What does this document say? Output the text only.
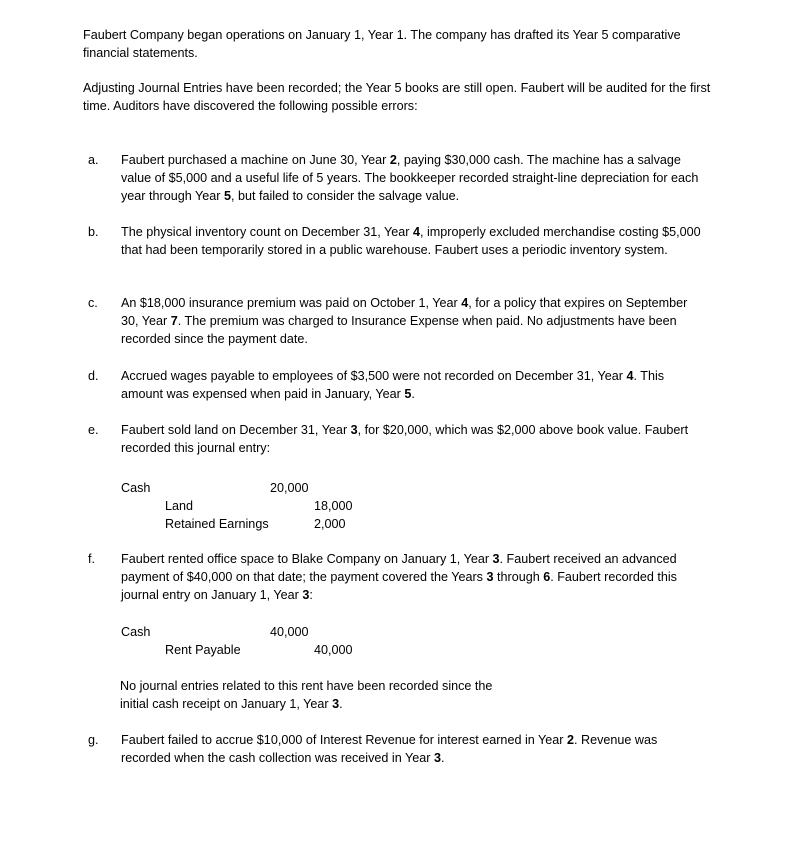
Faubert Company began operations on January 1, Year 1. The company has drafted its Year 5 comparative financial statements.

Adjusting Journal Entries have been recorded; the Year 5 books are still open. Faubert will be audited for the first time. Auditors have discovered the following possible errors:

a. Faubert purchased a machine on June 30, Year 2, paying $30,000 cash. The machine has a salvage value of $5,000 and a useful life of 5 years. The bookkeeper recorded straight-line depreciation for each year through Year 5, but failed to consider the salvage value.
b. The physical inventory count on December 31, Year 4, improperly excluded merchandise costing $5,000 that had been temporarily stored in a public warehouse. Faubert uses a periodic inventory system.
c. An $18,000 insurance premium was paid on October 1, Year 4, for a policy that expires on September 30, Year 7. The premium was charged to Insurance Expense when paid. No adjustments have been recorded since the payment date.
d. Accrued wages payable to employees of $3,500 were not recorded on December 31, Year 4. This amount was expensed when paid in January, Year 5.
e. Faubert sold land on December 31, Year 3, for $20,000, which was $2,000 above book value. Faubert recorded this journal entry:
Cash	20,000
Land	18,000
Retained Earnings	2,000
f. Faubert rented office space to Blake Company on January 1, Year 3. Faubert received an advanced payment of $40,000 on that date; the payment covered the Years 3 through 6. Faubert recorded this journal entry on January 1, Year 3:
Cash	40,000
Rent Payable	40,000
No journal entries related to this rent have been recorded since the initial cash receipt on January 1, Year 3.
g. Faubert failed to accrue $10,000 of Interest Revenue for interest earned in Year 2. Revenue was recorded when the cash collection was received in Year 3.
